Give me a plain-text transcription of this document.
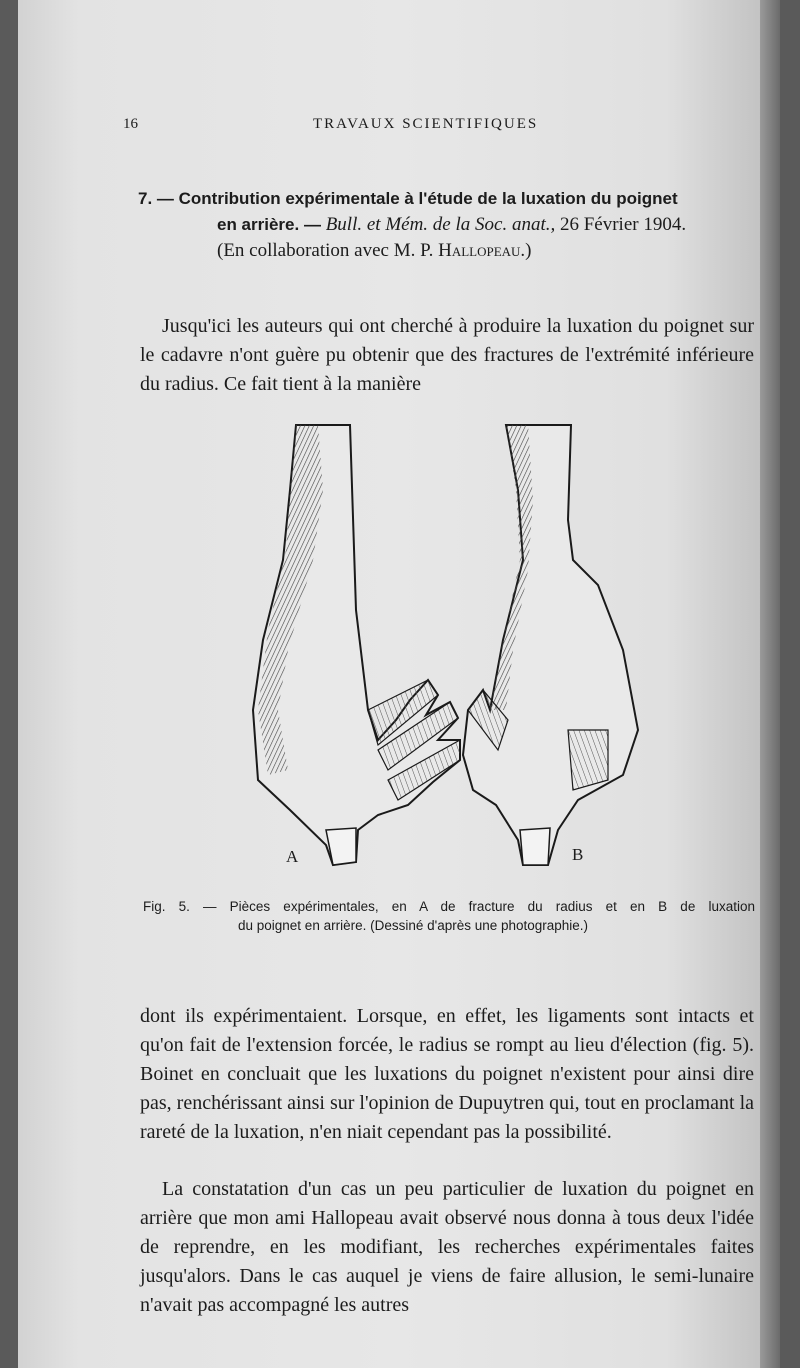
16	TRAVAUX SCIENTIFIQUES
7. — Contribution expérimentale à l'étude de la luxation du poignet
en arrière. — Bull. et Mém. de la Soc. anat., 26 Février 1904.
(En collaboration avec M. P. Hallopeau.)

Jusqu'ici les auteurs qui ont cherché à produire la luxation du poignet sur le cadavre n'ont guère pu obtenir que des fractures de l'extrémité inférieure du radius. Ce fait tient à la manière

A	B
Fig. 5. — Pièces expérimentales, en A de fracture du radius et en B de luxation
du poignet en arrière. (Dessiné d'après une photographie.)

dont ils expérimentaient. Lorsque, en effet, les ligaments sont intacts et qu'on fait de l'extension forcée, le radius se rompt au lieu d'élection (fig. 5). Boinet en concluait que les luxations du poignet n'existent pour ainsi dire pas, renchérissant ainsi sur l'opinion de Dupuytren qui, tout en proclamant la rareté de la luxation, n'en niait cependant pas la possibilité.

La constatation d'un cas un peu particulier de luxation du poignet en arrière que mon ami Hallopeau avait observé nous donna à tous deux l'idée de reprendre, en les modifiant, les recherches expérimentales faites jusqu'alors. Dans le cas auquel je viens de faire allusion, le semi-lunaire n'avait pas accompagné les autres
